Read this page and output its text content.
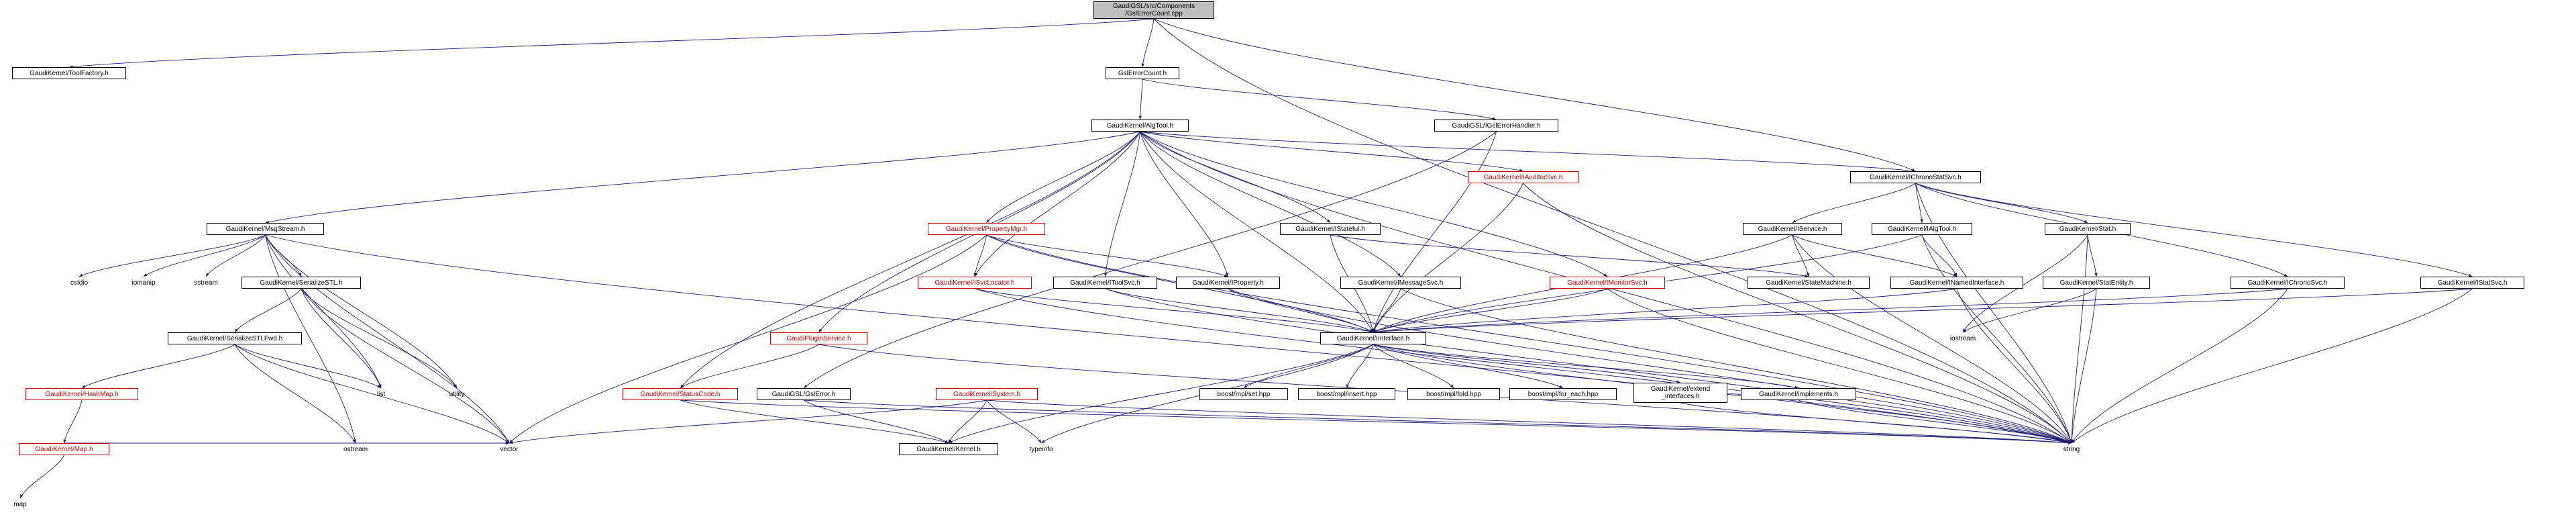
GaudiGSL/src/Components
/GslErrorCount.cpp
GaudiKernel/ToolFactory.h	GslErrorCount.h
GaudiKernel/AlgTool.h	GaudiGSL/IGslErrorHandler.h
GaudiKernel/IAuditorSvc.h	GaudiKernel/IChronoStatSvc.h
GaudiKernel/MsgStream.h	GaudiKernel/PropertyMgr.h	GaudiKernel/IStateful.h	GaudiKernel/IService.h	GaudiKernel/IAlgTool.h	GaudiKernel/Stat.h
cstdio	iomanip	sstream	GaudiKernel/SerializeSTL.h	GaudiKernel/ISvcLocator.h	GaudiKernel/IToolSvc.h	GaudiKernel/IProperty.h	GaudiKernel/IMessageSvc.h	GaudiKernel/IMonitorSvc.h	GaudiKernel/StateMachine.h	GaudiKernel/INamedInterface.h	GaudiKernel/StatEntity.h	GaudiKernel/IChronoSvc.h	GaudiKernel/IStatSvc.h
GaudiKernel/SerializeSTLFwd.h	GaudiPluginService.h	GaudiKernel/IInterface.h	iostream
list	utility
GaudiKernel/HashMap.h	GaudiKernel/StatusCode.h	GaudiGSL/GslError.h	GaudiKernel/System.h	boost/mpl/set.hpp	boost/mpl/insert.hpp	boost/mpl/fold.hpp	boost/mpl/for_each.hpp
GaudiKernel/extend
_interfaces.h	GaudiKernel/implements.h
GaudiKernel/Map.h	ostream	vector	GaudiKernel/Kernel.h	typeinfo	string
map
